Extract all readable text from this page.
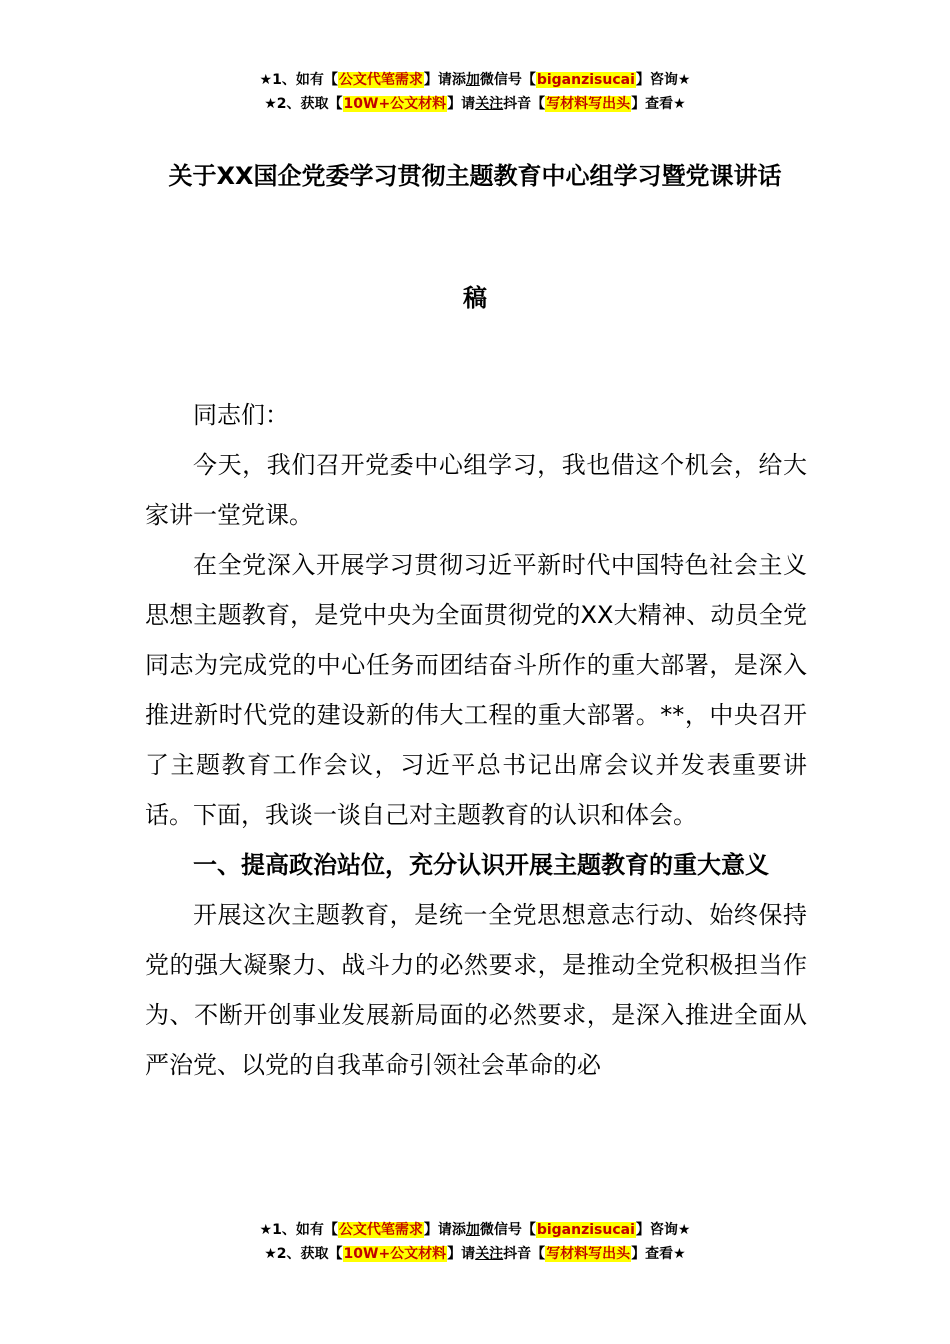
★1、如有【公文代笔需求】请添加微信号【biganzisucai】咨询★
★2、获取【10W+公文材料】请关注抖音【写材料写出头】查看★
关于XX国企党委学习贯彻主题教育中心组学习暨党课讲话
稿

同志们：

今天，我们召开党委中心组学习，我也借这个机会，给大家讲一堂党课。

在全党深入开展学习贯彻习近平新时代中国特色社会主义思想主题教育，是党中央为全面贯彻党的XX大精神、动员全党同志为完成党的中心任务而团结奋斗所作的重大部署，是深入推进新时代党的建设新的伟大工程的重大部署。**，中央召开了主题教育工作会议，习近平总书记出席会议并发表重要讲话。下面，我谈一谈自己对主题教育的认识和体会。

一、提高政治站位，充分认识开展主题教育的重大意义

开展这次主题教育，是统一全党思想意志行动、始终保持党的强大凝聚力、战斗力的必然要求，是推动全党积极担当作为、不断开创事业发展新局面的必然要求，是深入推进全面从严治党、以党的自我革命引领社会革命的必

★1、如有【公文代笔需求】请添加微信号【biganzisucai】咨询★
★2、获取【10W+公文材料】请关注抖音【写材料写出头】查看★
